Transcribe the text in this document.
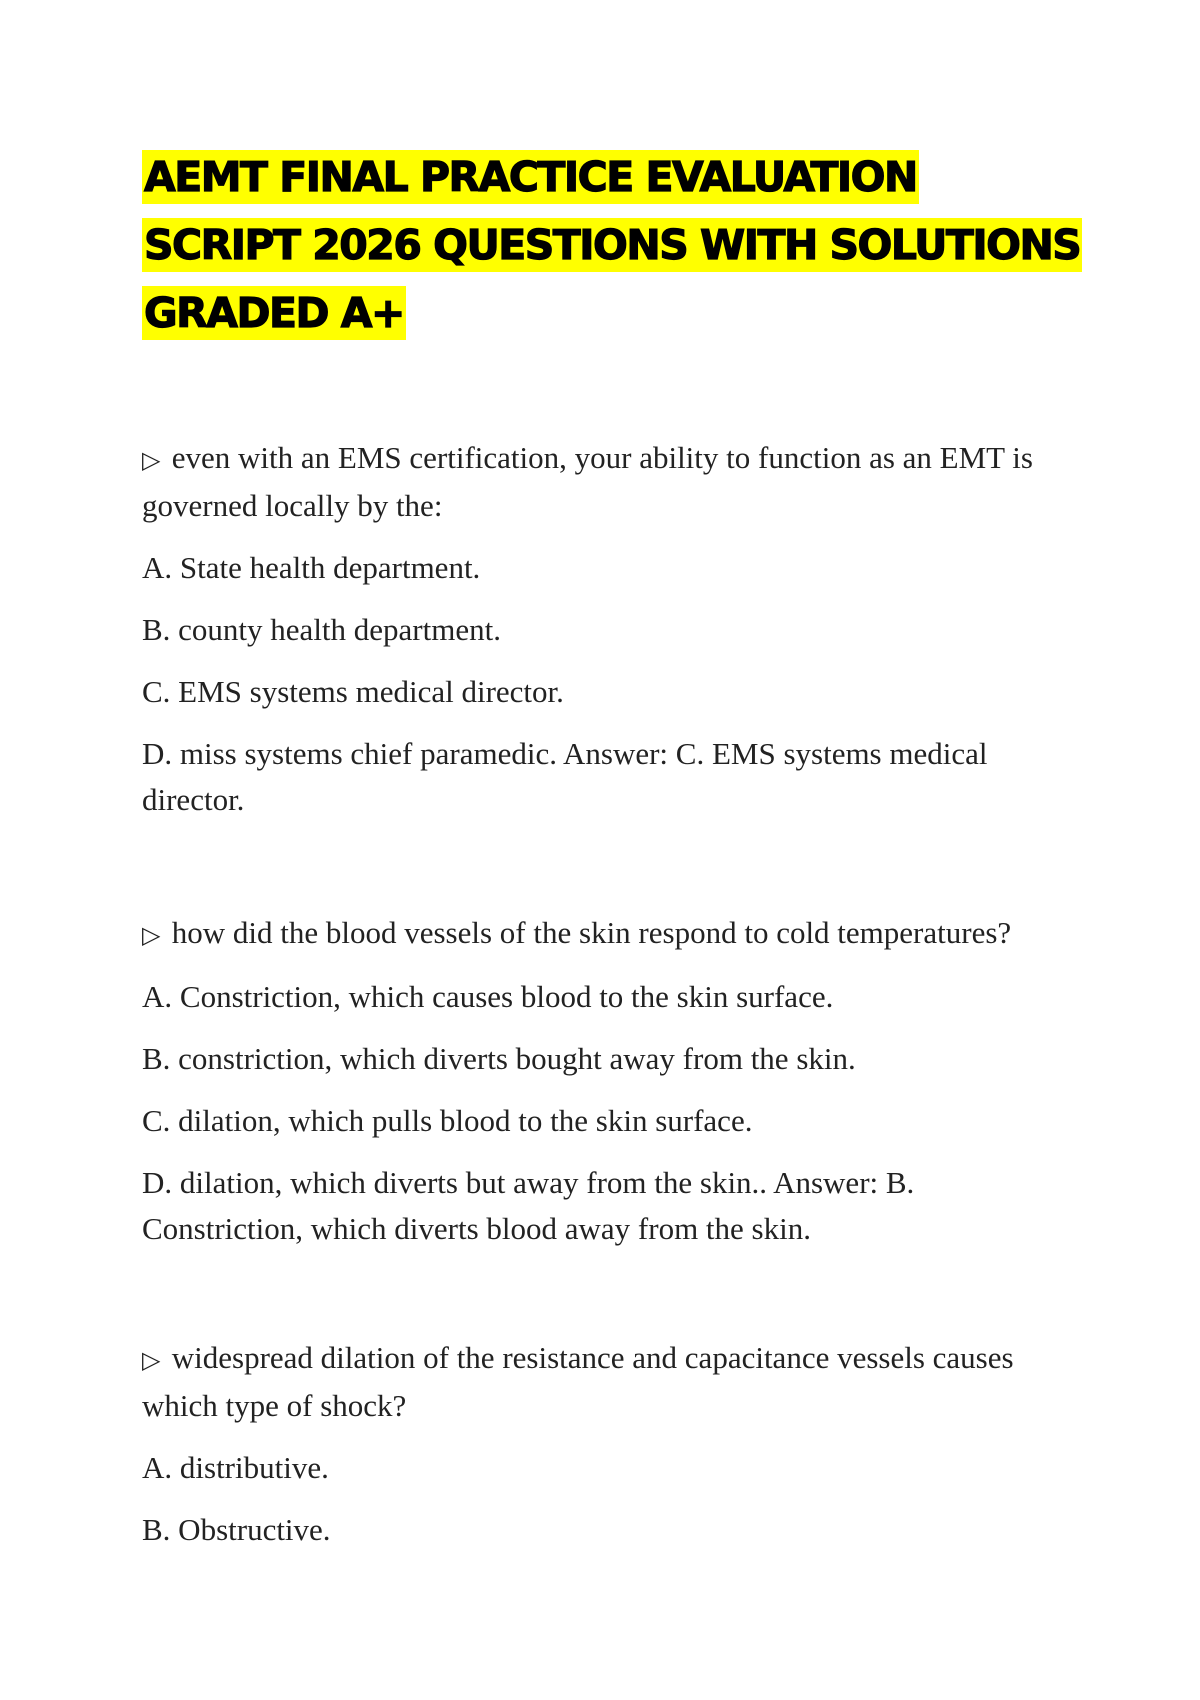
AEMT FINAL PRACTICE EVALUATION
SCRIPT 2026 QUESTIONS WITH SOLUTIONS
GRADED A+

▷ even with an EMS certification, your ability to function as an EMT is governed locally by the:

A. State health department.

B. county health department.

C. EMS systems medical director.

D. miss systems chief paramedic. Answer: C. EMS systems medical director.

▷ how did the blood vessels of the skin respond to cold temperatures?

A. Constriction, which causes blood to the skin surface.

B. constriction, which diverts bought away from the skin.

C. dilation, which pulls blood to the skin surface.

D. dilation, which diverts but away from the skin.. Answer: B. Constriction, which diverts blood away from the skin.

▷ widespread dilation of the resistance and capacitance vessels causes which type of shock?

A. distributive.

B. Obstructive.
